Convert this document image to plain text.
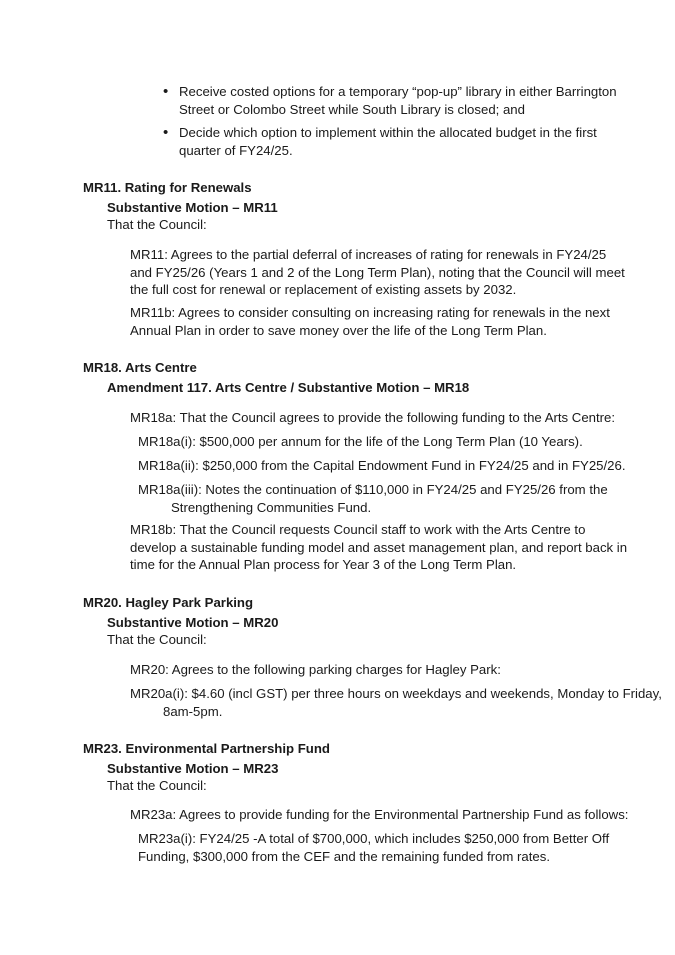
• Receive costed options for a temporary “pop-up” library in either Barrington Street or Colombo Street while South Library is closed; and
• Decide which option to implement within the allocated budget in the first quarter of FY24/25.
MR11. Rating for Renewals
Substantive Motion – MR11
That the Council:
MR11: Agrees to the partial deferral of increases of rating for renewals in FY24/25 and FY25/26 (Years 1 and 2 of the Long Term Plan), noting that the Council will meet the full cost for renewal or replacement of existing assets by 2032.
MR11b: Agrees to consider consulting on increasing rating for renewals in the next Annual Plan in order to save money over the life of the Long Term Plan.
MR18. Arts Centre
Amendment 117. Arts Centre / Substantive Motion – MR18
MR18a: That the Council agrees to provide the following funding to the Arts Centre:
MR18a(i): $500,000 per annum for the life of the Long Term Plan (10 Years).
MR18a(ii): $250,000 from the Capital Endowment Fund in FY24/25 and in FY25/26.
MR18a(iii): Notes the continuation of $110,000 in FY24/25 and FY25/26 from the Strengthening Communities Fund.
MR18b: That the Council requests Council staff to work with the Arts Centre to develop a sustainable funding model and asset management plan, and report back in time for the Annual Plan process for Year 3 of the Long Term Plan.
MR20. Hagley Park Parking
Substantive Motion – MR20
That the Council:
MR20: Agrees to the following parking charges for Hagley Park:
MR20a(i): $4.60 (incl GST) per three hours on weekdays and weekends, Monday to Friday, 8am-5pm.
MR23. Environmental Partnership Fund
Substantive Motion – MR23
That the Council:
MR23a: Agrees to provide funding for the Environmental Partnership Fund as follows:
MR23a(i): FY24/25 -A total of $700,000, which includes $250,000 from Better Off Funding, $300,000 from the CEF and the remaining funded from rates.
